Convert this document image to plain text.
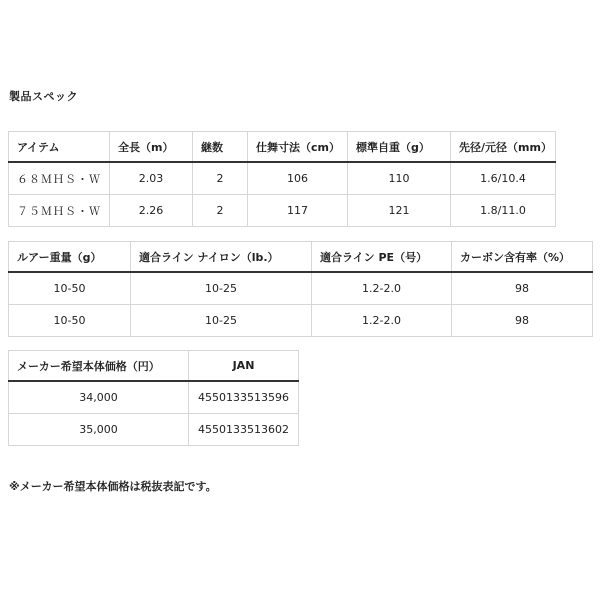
製品スペック
アイテム	全長（m）	継数	仕舞寸法（cm）	標準自重（g）	先径/元径（mm）
６８ＭＨＳ・Ｗ	2.03	2	106	110	1.6/10.4
７５ＭＨＳ・Ｗ	2.26	2	117	121	1.8/11.0
ルアー重量（g）	適合ライン ナイロン（lb.）	適合ライン PE（号）	カーボン含有率（%）
10-50	10-25	1.2-2.0	98
10-50	10-25	1.2-2.0	98
メーカー希望本体価格（円）	JAN
34,000	4550133513596
35,000	4550133513602
※メーカー希望本体価格は税抜表記です。
